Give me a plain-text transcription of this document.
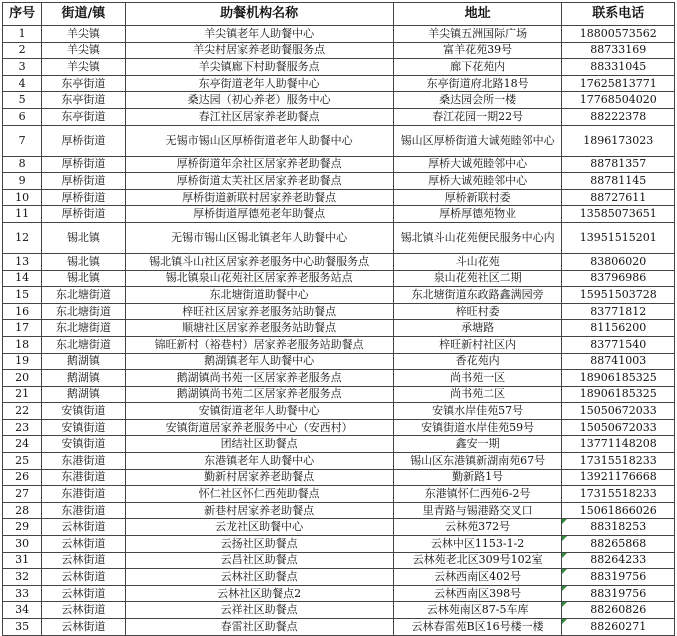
序号	街道/镇	助餐机构名称	地址	联系电话
1	羊尖镇	羊尖镇老年人助餐中心	羊尖镇五洲国际广场	18800573562
2	羊尖镇	羊尖村居家养老助餐服务点	富羊花苑39号	88733169
3	羊尖镇	羊尖镇廊下村助餐服务点	廊下花苑内	88331045
4	东亭街道	东亭街道老年人助餐中心	东亭街道府北路18号	17625813771
5	东亭街道	桑达园（初心养老）服务中心	桑达园会所一楼	17768504020
6	东亭街道	春江社区居家养老助餐点	春江花园一期22号	88222378
7	厚桥街道	无锡市锡山区厚桥街道老年人助餐中心	锡山区厚桥街道大诚苑睦邻中心	18961730​23
8	厚桥街道	厚桥街道年余社区居家养老助餐点	厚桥大诚苑睦邻中心	88781357
9	厚桥街道	厚桥街道太芙社区居家养老助餐点	厚桥大诚苑睦邻中心	88781145
10	厚桥街道	厚桥街道新联村居家养老助餐点	厚桥新联村委	88727611
11	厚桥街道	厚桥街道厚德苑老年助餐点	厚桥厚德苑物业	13585073651
12	锡北镇	无锡市锡山区锡北镇老年人助餐中心	锡北镇斗山花苑便民服务中心内	13951515201
13	锡北镇	锡北镇斗山社区居家养老服务中心助餐服务点	斗山花苑	83806020
14	锡北镇	锡北镇泉山花苑社区居家养老服务站点	泉山花苑社区二期	83796986
15	东北塘街道	东北塘街道助餐中心	东北塘街道东政路鑫满园旁	15951503728
16	东北塘街道	梓旺社区居家养老服务站助餐点	梓旺村委	83771812
17	东北塘街道	顺塘社区居家养老服务站助餐点	承塘路	81156200
18	东北塘街道	锦旺新村（裕巷村）居家养老服务站助餐点	梓旺新村社区内	83771540
19	鹅湖镇	鹅湖镇老年人助餐中心	香花苑内	88741003
20	鹅湖镇	鹅湖镇尚书苑一区居家养老服务点	尚书苑一区	18906185325
21	鹅湖镇	鹅湖镇尚书苑二区居家养老服务点	尚书苑二区	18906185325
22	安镇街道	安镇街道老年人助餐中心	安镇水岸佳苑57号	15050672033
23	安镇街道	安镇街道居家养老服务中心（安西村）	安镇街道水岸佳苑59号	15050672033
24	安镇街道	团结社区助餐点	鑫安一期	13771148208
25	东港街道	东港镇老年人助餐中心	锡山区东港镇新湖南苑67号	17315518233
26	东港街道	勤新村居家养老助餐点	勤新路1号	13921176668
27	东港街道	怀仁社区怀仁西苑助餐点	东港镇怀仁西苑6-2号	17315518233
28	东港街道	新巷村居家养老助餐点	里青路与锡港路交叉口	15061866026
29	云林街道	云龙社区助餐中心	云林苑372号	88318253
30	云林街道	云扬社区助餐点	云林中区1153-1-2	88265868
31	云林街道	云昌社区助餐点	云林苑老北区309号102室	88264233
32	云林街道	云林社区助餐点	云林西南区402号	88319756
33	云林街道	云林社区助餐点2	云林西南区398号	88319756
34	云林街道	云祥社区助餐点	云林苑南区87-5车库	88260826
35	云林街道	春雷社区助餐点	云林春雷苑B区16号楼一楼	88260271
